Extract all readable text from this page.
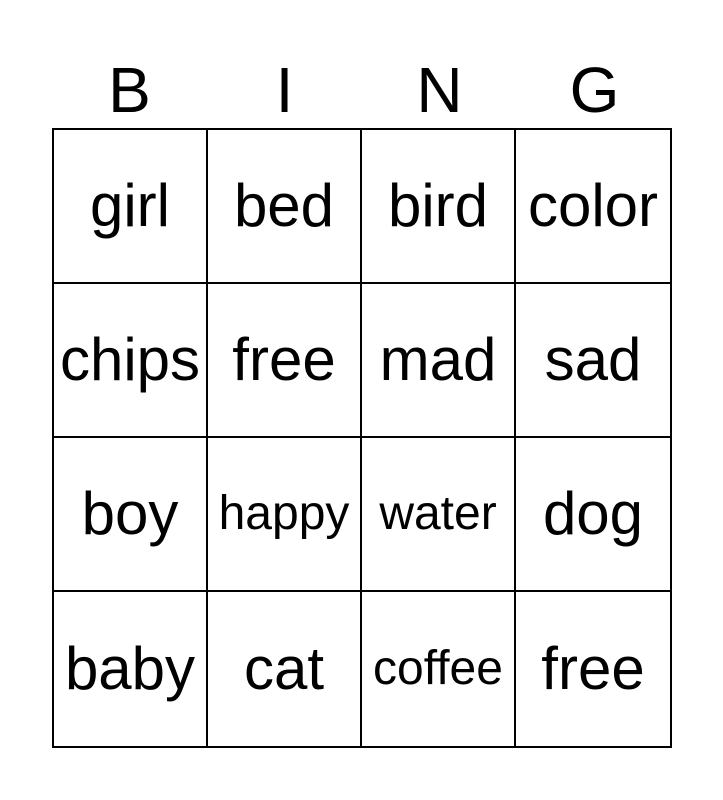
B	I	N	G
girl bed bird color
chips free mad sad
boy happy water dog
baby cat coffee free
